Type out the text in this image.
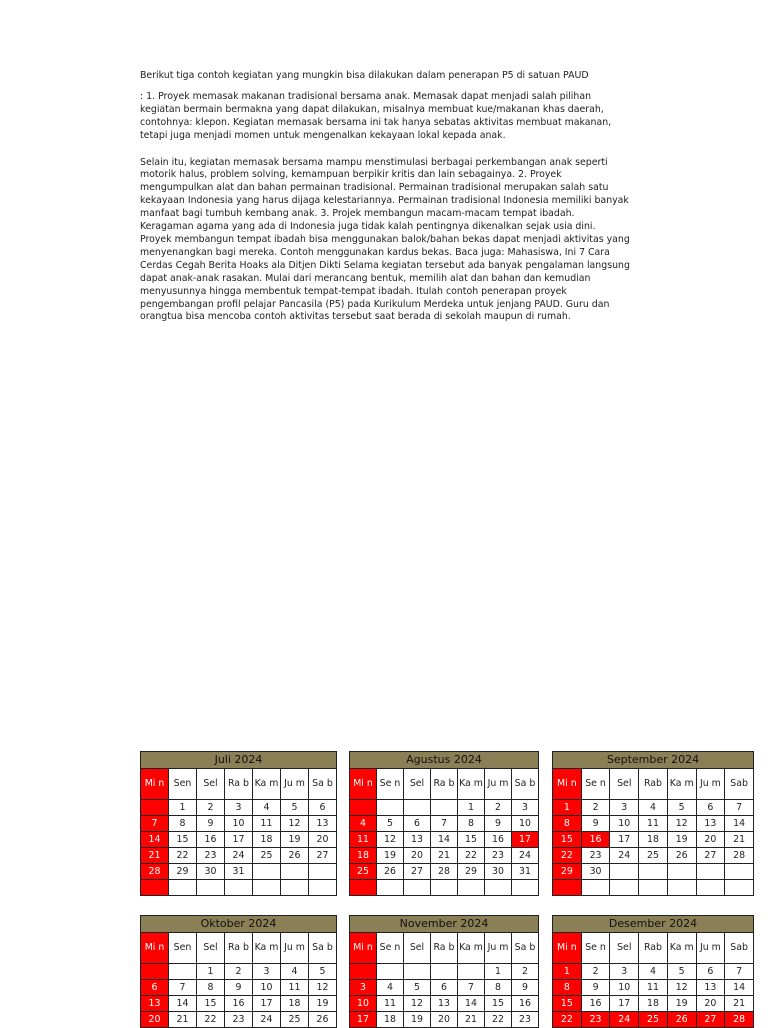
Berikut tiga contoh kegiatan yang mungkin bisa dilakukan dalam penerapan P5 di satuan PAUD

: 1. Proyek memasak makanan tradisional bersama anak. Memasak dapat menjadi salah pilihan kegiatan bermain bermakna yang dapat dilakukan, misalnya membuat kue/makanan khas daerah, contohnya: klepon. Kegiatan memasak bersama ini tak hanya sebatas aktivitas membuat makanan, tetapi juga menjadi momen untuk mengenalkan kekayaan lokal kepada anak.

Selain itu, kegiatan memasak bersama mampu menstimulasi berbagai perkembangan anak seperti motorik halus, problem solving, kemampuan berpikir kritis dan lain sebagainya. 2. Proyek mengumpulkan alat dan bahan permainan tradisional. Permainan tradisional merupakan salah satu kekayaan Indonesia yang harus dijaga kelestariannya. Permainan tradisional Indonesia memiliki banyak manfaat bagi tumbuh kembang anak. 3. Projek membangun macam-macam tempat ibadah. Keragaman agama yang ada di Indonesia juga tidak kalah pentingnya dikenalkan sejak usia dini. Proyek membangun tempat ibadah bisa menggunakan balok/bahan bekas dapat menjadi aktivitas yang menyenangkan bagi mereka. Contoh menggunakan kardus bekas. Baca juga: Mahasiswa, Ini 7 Cara Cerdas Cegah Berita Hoaks ala Ditjen Dikti Selama kegiatan tersebut ada banyak pengalaman langsung dapat anak-anak rasakan. Mulai dari merancang bentuk, memilih alat dan bahan dan kemudian menyusunnya hingga membentuk tempat-tempat ibadah. Itulah contoh penerapan proyek pengembangan profil pelajar Pancasila (P5) pada Kurikulum Merdeka untuk jenjang PAUD. Guru dan orangtua bisa mencoba contoh aktivitas tersebut saat berada di sekolah maupun di rumah.

Juli 2024						
Mi n	Sen	Sel	Ra b	Ka m	Ju m	Sa b
	1	2	3	4	5	6
7	8	9	10	11	12	13
14	15	16	17	18	19	20
21	22	23	24	25	26	27
28	29	30	31			

Agustus 2024						
Mi n	Se n	Sel	Ra b	Ka m	Ju m	Sa b
				1	2	3
4	5	6	7	8	9	10
11	12	13	14	15	16	17
18	19	20	21	22	23	24
25	26	27	28	29	30	31

September 2024						
Mi n	Se n	Sel	Rab	Ka m	Ju m	Sab
1	2	3	4	5	6	7
8	9	10	11	12	13	14
15	16	17	18	19	20	21
22	23	24	25	26	27	28
29	30					

Oktober 2024						
Mi n	Sen	Sel	Ra b	Ka m	Ju m	Sa b
		1	2	3	4	5
6	7	8	9	10	11	12
13	14	15	16	17	18	19
20	21	22	23	24	25	26
November 2024						
Mi n	Se n	Sel	Ra b	Ka m	Ju m	Sa b
					1	2
3	4	5	6	7	8	9
10	11	12	13	14	15	16
17	18	19	20	21	22	23
Desember 2024						
Mi n	Se n	Sel	Rab	Ka m	Ju m	Sab
1	2	3	4	5	6	7
8	9	10	11	12	13	14
15	16	17	18	19	20	21
22	23	24	25	26	27	28
